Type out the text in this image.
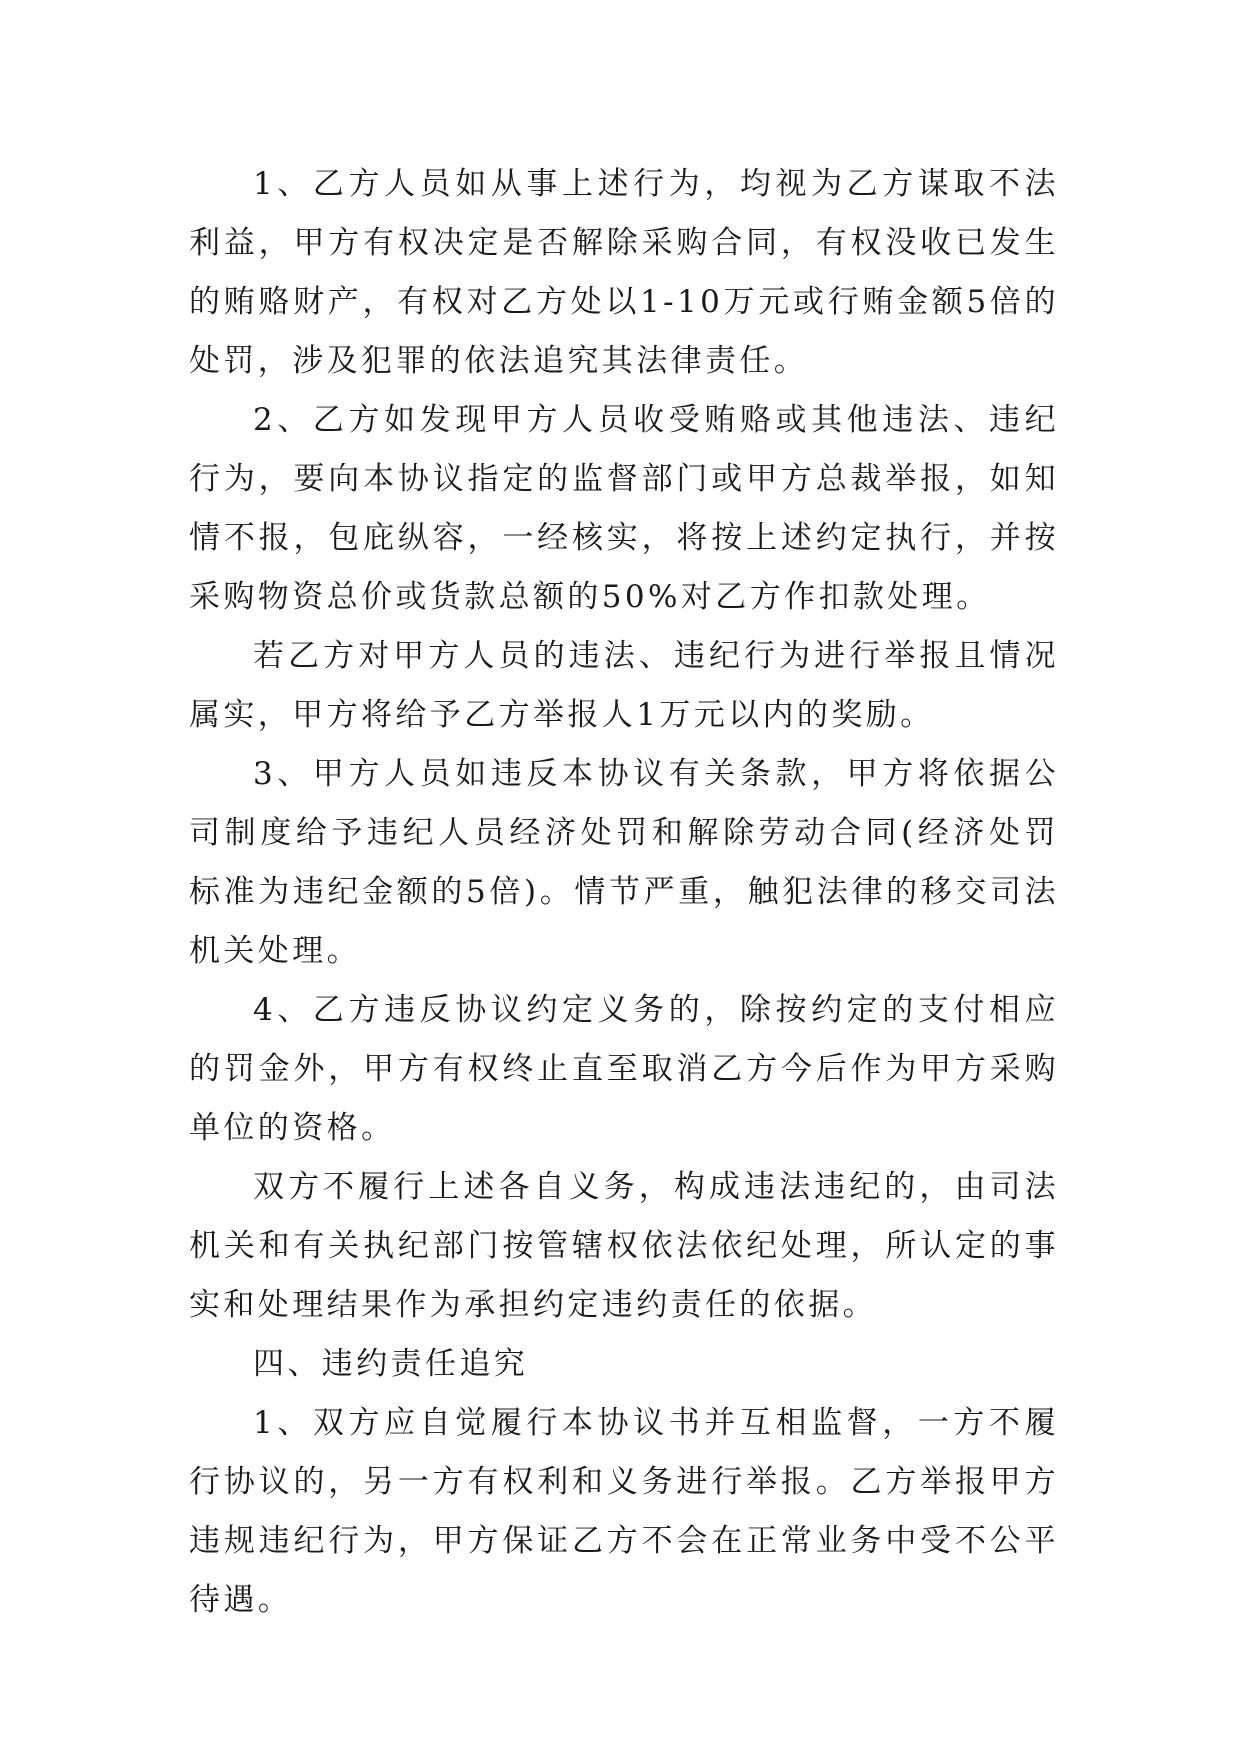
1、乙方人员如从事上述行为，均视为乙方谋取不法利益，甲方有权决定是否解除采购合同，有权没收已发生的贿赂财产，有权对乙方处以1-10万元或行贿金额5倍的处罚，涉及犯罪的依法追究其法律责任。

2、乙方如发现甲方人员收受贿赂或其他违法、违纪行为，要向本协议指定的监督部门或甲方总裁举报，如知情不报，包庇纵容，一经核实，将按上述约定执行，并按采购物资总价或货款总额的50%对乙方作扣款处理。

若乙方对甲方人员的违法、违纪行为进行举报且情况属实，甲方将给予乙方举报人1万元以内的奖励。

3、甲方人员如违反本协议有关条款，甲方将依据公司制度给予违纪人员经济处罚和解除劳动合同(经济处罚标准为违纪金额的5倍)。情节严重，触犯法律的移交司法机关处理。

4、乙方违反协议约定义务的，除按约定的支付相应的罚金外，甲方有权终止直至取消乙方今后作为甲方采购单位的资格。

双方不履行上述各自义务，构成违法违纪的，由司法机关和有关执纪部门按管辖权依法依纪处理，所认定的事实和处理结果作为承担约定违约责任的依据。

四、违约责任追究

1、双方应自觉履行本协议书并互相监督，一方不履行协议的，另一方有权利和义务进行举报。乙方举报甲方违规违纪行为，甲方保证乙方不会在正常业务中受不公平待遇。
